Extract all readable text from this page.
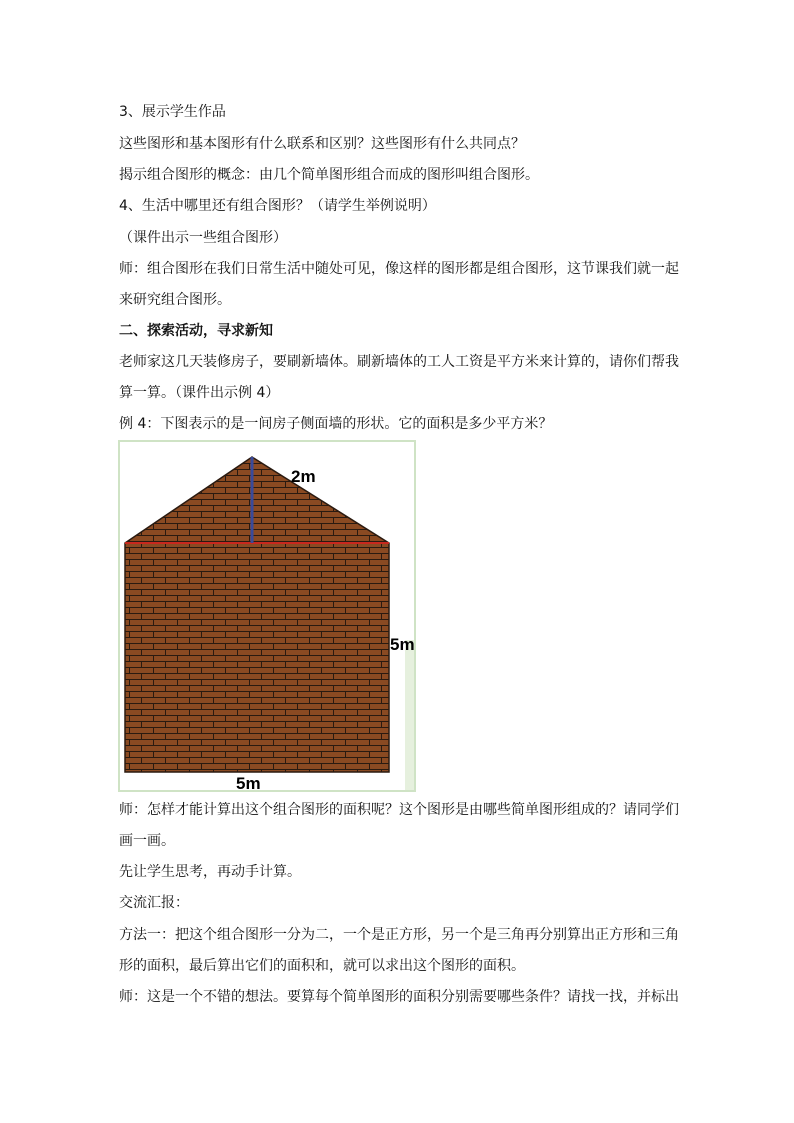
3、展示学生作品
这些图形和基本图形有什么联系和区别？这些图形有什么共同点？
揭示组合图形的概念：由几个简单图形组合而成的图形叫组合图形。
4、生活中哪里还有组合图形？（请学生举例说明）
（课件出示一些组合图形）
师：组合图形在我们日常生活中随处可见，像这样的图形都是组合图形，这节课我们就一起
来研究组合图形。
二、探索活动，寻求新知
老师家这几天装修房子，要刷新墙体。刷新墙体的工人工资是平方米来计算的，请你们帮我
算一算。（课件出示例 4）
例 4：下图表示的是一间房子侧面墙的形状。它的面积是多少平方米？
2m
5m
5m
师：怎样才能计算出这个组合图形的面积呢？这个图形是由哪些简单图形组成的？请同学们
画一画。
先让学生思考，再动手计算。
交流汇报：
方法一：把这个组合图形一分为二，一个是正方形，另一个是三角再分别算出正方形和三角
形的面积，最后算出它们的面积和，就可以求出这个图形的面积。
师：这是一个不错的想法。要算每个简单图形的面积分别需要哪些条件？请找一找，并标出
